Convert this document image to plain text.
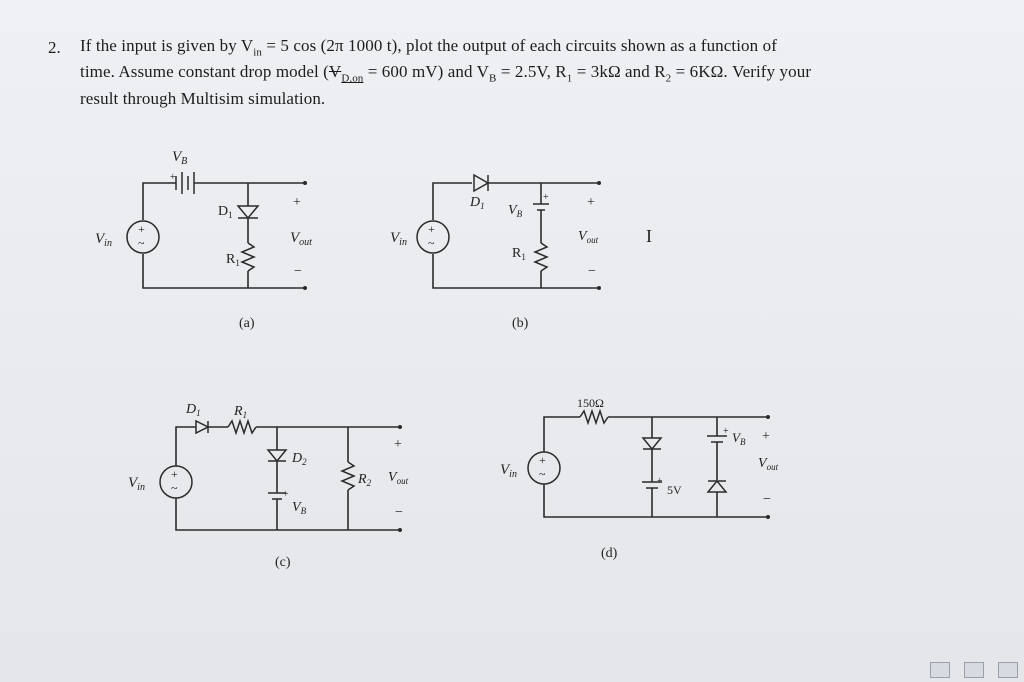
2. If the input is given by $V_{in} = 5$ cos (2π 1000 t), plot the output of each circuits shown as a function of
time. Assume constant drop model ($V_{D,on} = 600$ mV) and $V_B = 2.5V$, $R_1 = 3k\Omega$ and $R_2 = 6K\Omega$. Verify your
result through Multisim simulation.
$V_B$
+
$D_1$
$R_1$
$V_{in}$	$V_{out}$
+
−
(a)
$D_1$ $V_B$
+
$R_1$
$V_{in}$	$V_{out}$
+
−
(b)
$D_1$ $R_1$
$D_2$
$R_2$
+
$V_B$
$V_{in}$
$V_{out}$
+
−
(c)
150Ω
+ $V_B$
+
5V
$V_{in}$
$V_{out}$
+
−
(d)
I
